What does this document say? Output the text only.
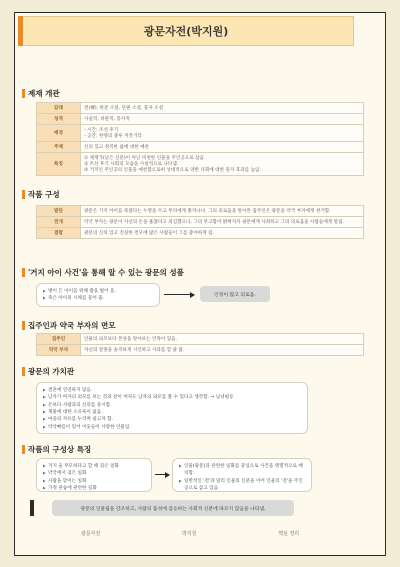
광문자전(박지원)
제재 개관
갈래	전(傳), 한문 소설, 단편 소설, 풍자 소설
성격	사실적, 비판적, 풍자적
배경	- 시간: 조선 후기
- 공간: 한양의 종루 저잣거리
주제	신의 있고 정직한 삶에 대한 예찬
특징	① 제재가(낮은 신분)이 아닌 비천한 인물을 주인공으로 삼음.
② 조선 후기 사회의 모습을 사실적으로 나타냄.
③ 거지인 주인공의 인품을 예찬함으로써 상대적으로 양반 사회에 대한 풍자 효과를 높임.
작품 구성
발단	광문은 거지 아이를 죽였다는 누명을 쓰고 무리에게 쫓겨나나, 그의 의로움을 알아본 집주인은 광문을 약국 부자에게 천거함.
전개	약국 부자는 광문이 자신의 돈을 훔쳤다고 의심했으나, 그의 무고함이 밝혀지자 광문에게 사죄하고 그의 의로움을 사람들에게 알림.
결말	광문의 신의 있고 진실한 면모에 많은 사람들이 그를 좋아하게 됨.
'거지 아이 사건'을 통해 알 수 있는 광문의 성품
▶ 병이 든 아이를 위해 밥을 빌어 옴.
▶ 죽은 아이의 시체를 묻어 줌.
인정이 많고 의로움.
집주인과 약국 부자의 면모
집주인	인물의 외모보다 본성을 알아보는 안목이 있음.
약국 부자	자신의 잘못을 솔직하게 시인하고 사과를 할 줄 앎.
광문의 가치관
▶ 결혼에 연연하지 않음.
▶ 남자가 여자의 외모를 보는 것과 같이 여자도 남자의 외모를 볼 수 있다고 생각함. → 남녀평등
▶ 돈보다 사람과의 신의를 중시함.
▶ 재물에 대한 소유욕이 없음.
▶ 마을의 자유를 누리며 살고자 함.
▶ 약삭빠름이 있어 이웃들이 사랑한 인물임.
작품의 구성상 특징
▶ 거지 둘 무모하다고 할 때 겪은 일화
▶ 약국에서 겪은 일화
▶ 사람을 맞이는 일화
▶ 가정 관습에 관련한 일화
▶ 인물(광문)과 관련한 일화를 중심으로 사건을 병렬적으로 배치함.
▶ 일반적인 '전'과 달리 인물의 신분을 이어 인물의 '전'을 주인공으로 삼고 있음.
광문의 인물됨을 강조하고, 사람의 품성에 감응하는 사회적 신분에 따르지 않음을 나타냄.
광문자전	박지원	핵심 정리
